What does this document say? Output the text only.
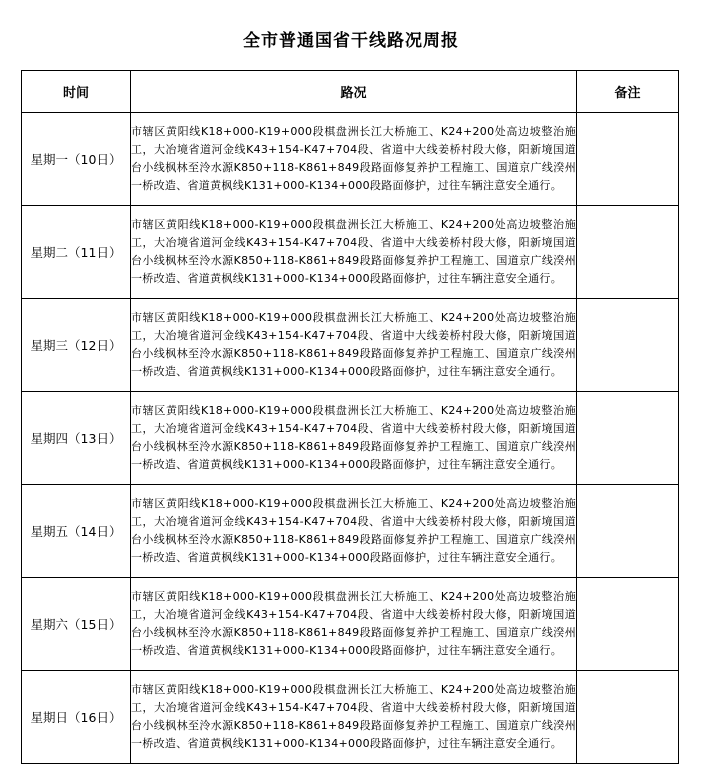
全市普通国省干线路况周报
时间	路况	备注
星期一（10日）	市辖区黄阳线K18+000-K19+000段棋盘洲长江大桥施工、K24+200处高边坡整治施工，大冶境省道河金线K43+154-K47+704段、省道中大线姜桥村段大修，阳新境国道台小线枫林至泠水源K850+118-K861+849段路面修复养护工程施工、国道京广线湀州一桥改造、省道黄枫线K131+000-K134+000段路面修护，过往车辆注意安全通行。	
星期二（11日）	市辖区黄阳线K18+000-K19+000段棋盘洲长江大桥施工、K24+200处高边坡整治施工，大冶境省道河金线K43+154-K47+704段、省道中大线姜桥村段大修，阳新境国道台小线枫林至泠水源K850+118-K861+849段路面修复养护工程施工、国道京广线湀州一桥改造、省道黄枫线K131+000-K134+000段路面修护，过往车辆注意安全通行。	
星期三（12日）	市辖区黄阳线K18+000-K19+000段棋盘洲长江大桥施工、K24+200处高边坡整治施工，大冶境省道河金线K43+154-K47+704段、省道中大线姜桥村段大修，阳新境国道台小线枫林至泠水源K850+118-K861+849段路面修复养护工程施工、国道京广线湀州一桥改造、省道黄枫线K131+000-K134+000段路面修护，过往车辆注意安全通行。	
星期四（13日）	市辖区黄阳线K18+000-K19+000段棋盘洲长江大桥施工、K24+200处高边坡整治施工，大冶境省道河金线K43+154-K47+704段、省道中大线姜桥村段大修，阳新境国道台小线枫林至泠水源K850+118-K861+849段路面修复养护工程施工、国道京广线湀州一桥改造、省道黄枫线K131+000-K134+000段路面修护，过往车辆注意安全通行。	
星期五（14日）	市辖区黄阳线K18+000-K19+000段棋盘洲长江大桥施工、K24+200处高边坡整治施工，大冶境省道河金线K43+154-K47+704段、省道中大线姜桥村段大修，阳新境国道台小线枫林至泠水源K850+118-K861+849段路面修复养护工程施工、国道京广线湀州一桥改造、省道黄枫线K131+000-K134+000段路面修护，过往车辆注意安全通行。	
星期六（15日）	市辖区黄阳线K18+000-K19+000段棋盘洲长江大桥施工、K24+200处高边坡整治施工，大冶境省道河金线K43+154-K47+704段、省道中大线姜桥村段大修，阳新境国道台小线枫林至泠水源K850+118-K861+849段路面修复养护工程施工、国道京广线湀州一桥改造、省道黄枫线K131+000-K134+000段路面修护，过往车辆注意安全通行。	
星期日（16日）	市辖区黄阳线K18+000-K19+000段棋盘洲长江大桥施工、K24+200处高边坡整治施工，大冶境省道河金线K43+154-K47+704段、省道中大线姜桥村段大修，阳新境国道台小线枫林至泠水源K850+118-K861+849段路面修复养护工程施工、国道京广线湀州一桥改造、省道黄枫线K131+000-K134+000段路面修护，过往车辆注意安全通行。	
